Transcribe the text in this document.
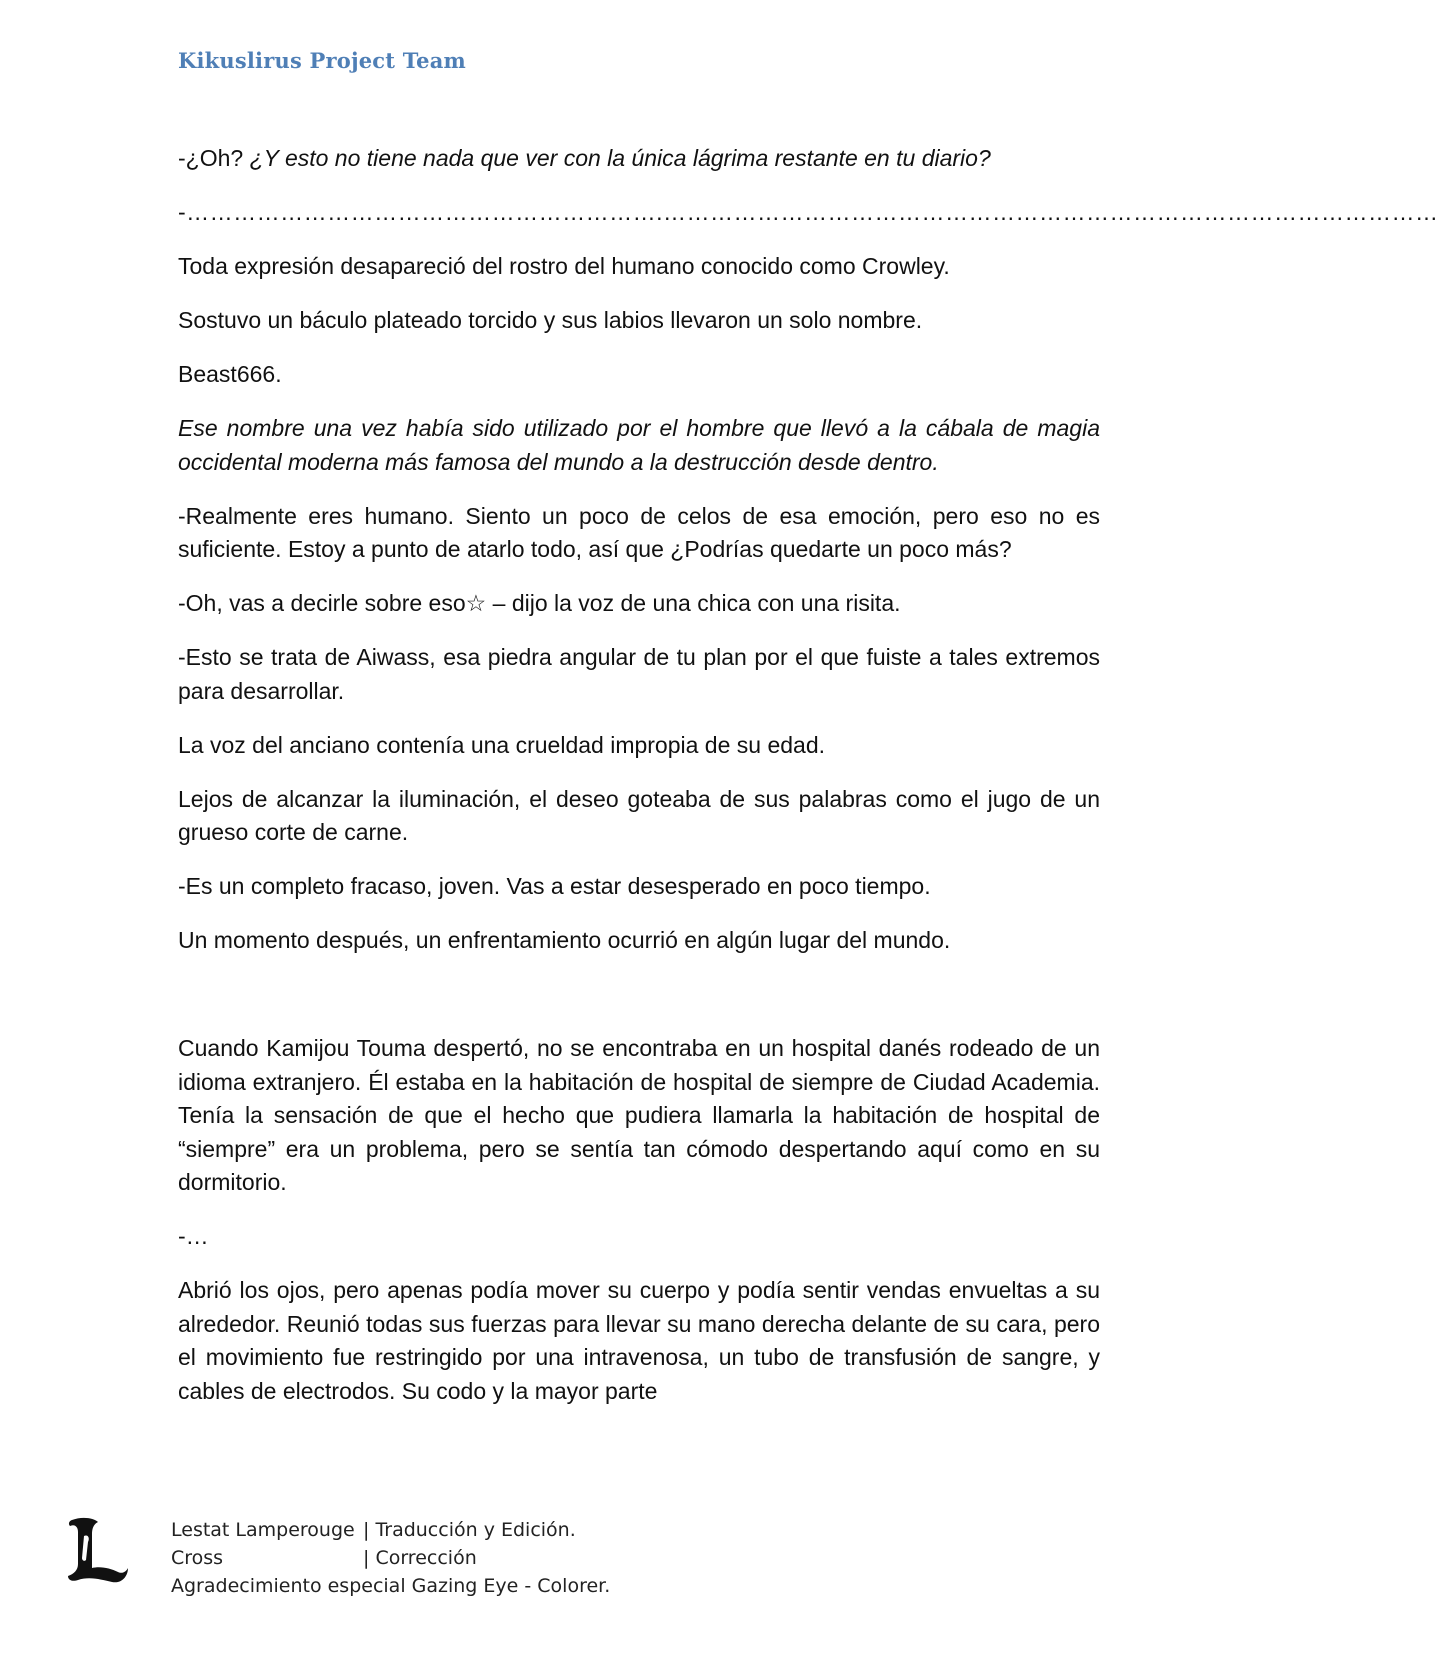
Kikuslirus Project Team

-¿Oh? ¿Y esto no tiene nada que ver con la única lágrima restante en tu diario?

-…………………………………………………….………………………………………………………………………………………

Toda expresión desapareció del rostro del humano conocido como Crowley.

Sostuvo un báculo plateado torcido y sus labios llevaron un solo nombre.

Beast666.

Ese nombre una vez había sido utilizado por el hombre que llevó a la cábala de magia occidental moderna más famosa del mundo a la destrucción desde dentro.

-Realmente eres humano. Siento un poco de celos de esa emoción, pero eso no es suficiente. Estoy a punto de atarlo todo, así que ¿Podrías quedarte un poco más?

-Oh, vas a decirle sobre eso☆ – dijo la voz de una chica con una risita.

-Esto se trata de Aiwass, esa piedra angular de tu plan por el que fuiste a tales extremos para desarrollar.

La voz del anciano contenía una crueldad impropia de su edad.

Lejos de alcanzar la iluminación, el deseo goteaba de sus palabras como el jugo de un grueso corte de carne.

-Es un completo fracaso, joven. Vas a estar desesperado en poco tiempo.

Un momento después, un enfrentamiento ocurrió en algún lugar del mundo.

Cuando Kamijou Touma despertó, no se encontraba en un hospital danés rodeado de un idioma extranjero. Él estaba en la habitación de hospital de siempre de Ciudad Academia. Tenía la sensación de que el hecho que pudiera llamarla la habitación de hospital de “siempre” era un problema, pero se sentía tan cómodo despertando aquí como en su dormitorio.

-…

Abrió los ojos, pero apenas podía mover su cuerpo y podía sentir vendas envueltas a su alrededor. Reunió todas sus fuerzas para llevar su mano derecha delante de su cara, pero el movimiento fue restringido por una intravenosa, un tubo de transfusión de sangre, y cables de electrodos. Su codo y la mayor parte

Lestat Lamperouge | Traducción y Edición.
Cross	| Corrección
Agradecimiento especial Gazing Eye - Colorer.
